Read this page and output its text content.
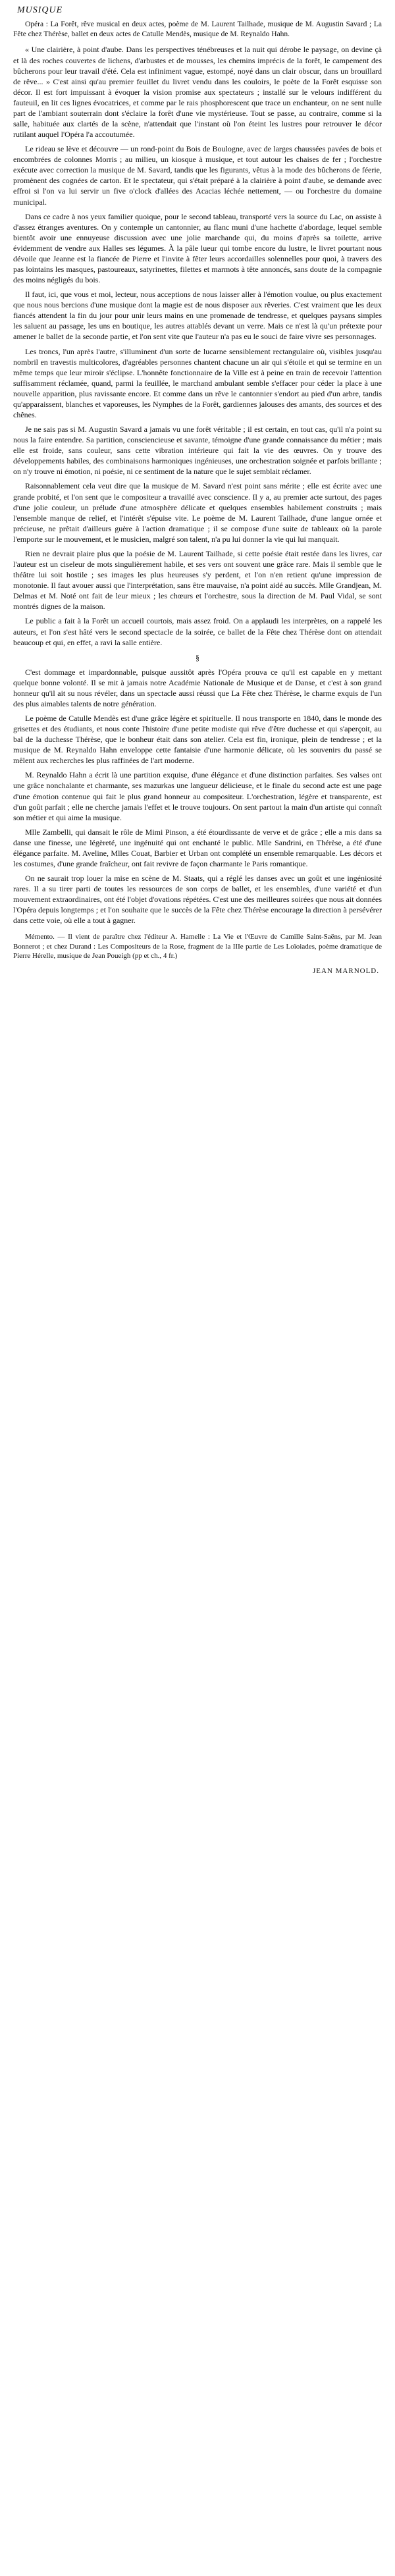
MUSIQUE

Opéra : La Forêt, rêve musical en deux actes, poème de M. Laurent Tailhade, musique de M. Augustin Savard ; La Fête chez Thérèse, ballet en deux actes de Catulle Mendès, musique de M. Reynaldo Hahn.

« Une clairière, à point d'aube. Dans les perspectives ténébreuses et la nuit qui dérobe le paysage, on devine çà et là des roches couvertes de lichens, d'arbustes et de mousses, les chemins imprécis de la forêt, le campement des bûcherons pour leur travail d'été. Cela est infiniment vague, estompé, noyé dans un clair obscur, dans un brouillard de rêve... » C'est ainsi qu'au premier feuillet du livret vendu dans les couloirs, le poète de la Forêt esquisse son décor. Il est fort impuissant à évoquer la vision promise aux spectateurs ; installé sur le velours indifférent du fauteuil, en lit ces lignes évocatrices, et comme par le rais phosphorescent que trace un enchanteur, on ne sent nulle part de l'ambiant souterrain dont s'éclaire la forêt d'une vie mystérieuse. Tout se passe, au contraire, comme si la salle, habituée aux clartés de la scène, n'attendait que l'instant où l'on éteint les lustres pour retrouver le décor rutilant auquel l'Opéra l'a accoutumée.

Le rideau se lève et découvre — un rond-point du Bois de Boulogne, avec de larges chaussées pavées de bois et encombrées de colonnes Morris ; au milieu, un kiosque à musique, et tout autour les chaises de fer ; l'orchestre exécute avec correction la musique de M. Savard, tandis que les figurants, vêtus à la mode des bûcherons de féerie, promènent des cognées de carton. Et le spectateur, qui s'était préparé à la clairière à point d'aube, se demande avec effroi si l'on va lui servir un five o'clock d'allées des Acacias léchée nettement, — ou l'orchestre du domaine municipal.

Dans ce cadre à nos yeux familier quoique, pour le second tableau, transporté vers la source du Lac, on assiste à d'assez étranges aventures. On y contemple un cantonnier, au flanc muni d'une hachette d'abordage, lequel semble bientôt avoir une ennuyeuse discussion avec une jolie marchande qui, du moins d'après sa toilette, arrive évidemment de vendre aux Halles ses légumes. À la pâle lueur qui tombe encore du lustre, le livret pourtant nous dévoile que Jeanne est la fiancée de Pierre et l'invite à fêter leurs accordailles solennelles pour quoi, à travers des pas lointains les masques, pastoureaux, satyrinettes, filettes et marmots à tête annoncés, sans doute de la compagnie des moins négligés du bois.

Il faut, ici, que vous et moi, lecteur, nous acceptions de nous laisser aller à l'émotion voulue, ou plus exactement que nous nous bercions d'une musique dont la magie est de nous disposer aux rêveries. C'est vraiment que les deux fiancés attendent la fin du jour pour unir leurs mains en une promenade de tendresse, et quelques paysans simples les saluent au passage, les uns en boutique, les autres attablés devant un verre. Mais ce n'est là qu'un prétexte pour amener le ballet de la seconde partie, et l'on sent vite que l'auteur n'a pas eu le souci de faire vivre ses personnages.

Les troncs, l'un après l'autre, s'illuminent d'un sorte de lucarne sensiblement rectangulaire où, visibles jusqu'au nombril en travestis multicolores, d'agréables personnes chantent chacune un air qui s'étoile et qui se termine en un même temps que leur miroir s'éclipse. L'honnête fonctionnaire de la Ville est à peine en train de recevoir l'attention suffisamment réclamée, quand, parmi la feuillée, le marchand ambulant semble s'effacer pour céder la place à une nouvelle apparition, plus ravissante encore. Et comme dans un rêve le cantonnier s'endort au pied d'un arbre, tandis qu'apparaissent, blanches et vaporeuses, les Nymphes de la Forêt, gardiennes jalouses des amants, des sources et des chênes.

Je ne sais pas si M. Augustin Savard a jamais vu une forêt véritable ; il est certain, en tout cas, qu'il n'a point su nous la faire entendre. Sa partition, consciencieuse et savante, témoigne d'une grande connaissance du métier ; mais elle est froide, sans couleur, sans cette vibration intérieure qui fait la vie des œuvres. On y trouve des développements habiles, des combinaisons harmoniques ingénieuses, une orchestration soignée et parfois brillante ; on n'y trouve ni émotion, ni poésie, ni ce sentiment de la nature que le sujet semblait réclamer.

Raisonnablement cela veut dire que la musique de M. Savard n'est point sans mérite ; elle est écrite avec une grande probité, et l'on sent que le compositeur a travaillé avec conscience. Il y a, au premier acte surtout, des pages d'une jolie couleur, un prélude d'une atmosphère délicate et quelques ensembles habilement construits ; mais l'ensemble manque de relief, et l'intérêt s'épuise vite. Le poème de M. Laurent Tailhade, d'une langue ornée et précieuse, ne prêtait d'ailleurs guère à l'action dramatique ; il se compose d'une suite de tableaux où la parole l'emporte sur le mouvement, et le musicien, malgré son talent, n'a pu lui donner la vie qui lui manquait.

Rien ne devrait plaire plus que la poésie de M. Laurent Tailhade, si cette poésie était restée dans les livres, car l'auteur est un ciseleur de mots singulièrement habile, et ses vers ont souvent une grâce rare. Mais il semble que le théâtre lui soit hostile ; ses images les plus heureuses s'y perdent, et l'on n'en retient qu'une impression de monotonie. Il faut avouer aussi que l'interprétation, sans être mauvaise, n'a point aidé au succès. Mlle Grandjean, M. Delmas et M. Noté ont fait de leur mieux ; les chœurs et l'orchestre, sous la direction de M. Paul Vidal, se sont montrés dignes de la maison.

Le public a fait à la Forêt un accueil courtois, mais assez froid. On a applaudi les interprètes, on a rappelé les auteurs, et l'on s'est hâté vers le second spectacle de la soirée, ce ballet de la Fête chez Thérèse dont on attendait beaucoup et qui, en effet, a ravi la salle entière.

§

C'est dommage et impardonnable, puisque aussitôt après l'Opéra prouva ce qu'il est capable en y mettant quelque bonne volonté. Il se mit à jamais notre Académie Nationale de Musique et de Danse, et c'est à son grand honneur qu'il ait su nous révéler, dans un spectacle aussi réussi que La Fête chez Thérèse, le charme exquis de l'un des plus aimables talents de notre génération.

Le poème de Catulle Mendès est d'une grâce légère et spirituelle. Il nous transporte en 1840, dans le monde des grisettes et des étudiants, et nous conte l'histoire d'une petite modiste qui rêve d'être duchesse et qui s'aperçoit, au bal de la duchesse Thérèse, que le bonheur était dans son atelier. Cela est fin, ironique, plein de tendresse ; et la musique de M. Reynaldo Hahn enveloppe cette fantaisie d'une harmonie délicate, où les souvenirs du passé se mêlent aux recherches les plus raffinées de l'art moderne.

M. Reynaldo Hahn a écrit là une partition exquise, d'une élégance et d'une distinction parfaites. Ses valses ont une grâce nonchalante et charmante, ses mazurkas une langueur délicieuse, et le finale du second acte est une page d'une émotion contenue qui fait le plus grand honneur au compositeur. L'orchestration, légère et transparente, est d'un goût parfait ; elle ne cherche jamais l'effet et le trouve toujours. On sent partout la main d'un artiste qui connaît son métier et qui aime la musique.

Mlle Zambelli, qui dansait le rôle de Mimi Pinson, a été étourdissante de verve et de grâce ; elle a mis dans sa danse une finesse, une légèreté, une ingénuité qui ont enchanté le public. Mlle Sandrini, en Thérèse, a été d'une élégance parfaite. M. Aveline, Mlles Couat, Barbier et Urban ont complété un ensemble remarquable. Les décors et les costumes, d'une grande fraîcheur, ont fait revivre de façon charmante le Paris romantique.

On ne saurait trop louer la mise en scène de M. Staats, qui a réglé les danses avec un goût et une ingéniosité rares. Il a su tirer parti de toutes les ressources de son corps de ballet, et les ensembles, d'une variété et d'un mouvement extraordinaires, ont été l'objet d'ovations répétées. C'est une des meilleures soirées que nous ait données l'Opéra depuis longtemps ; et l'on souhaite que le succès de la Fête chez Thérèse encourage la direction à persévérer dans cette voie, où elle a tout à gagner.

Mémento. — Il vient de paraître chez l'éditeur A. Hamelle : La Vie et l'Œuvre de Camille Saint-Saëns, par M. Jean Bonnerot ; et chez Durand : Les Compositeurs de la Rose, fragment de la IIIe partie de Les Loïoiades, poème dramatique de Pierre Hérelle, musique de Jean Poueigh (pp et ch., 4 fr.)

JEAN MARNOLD.
